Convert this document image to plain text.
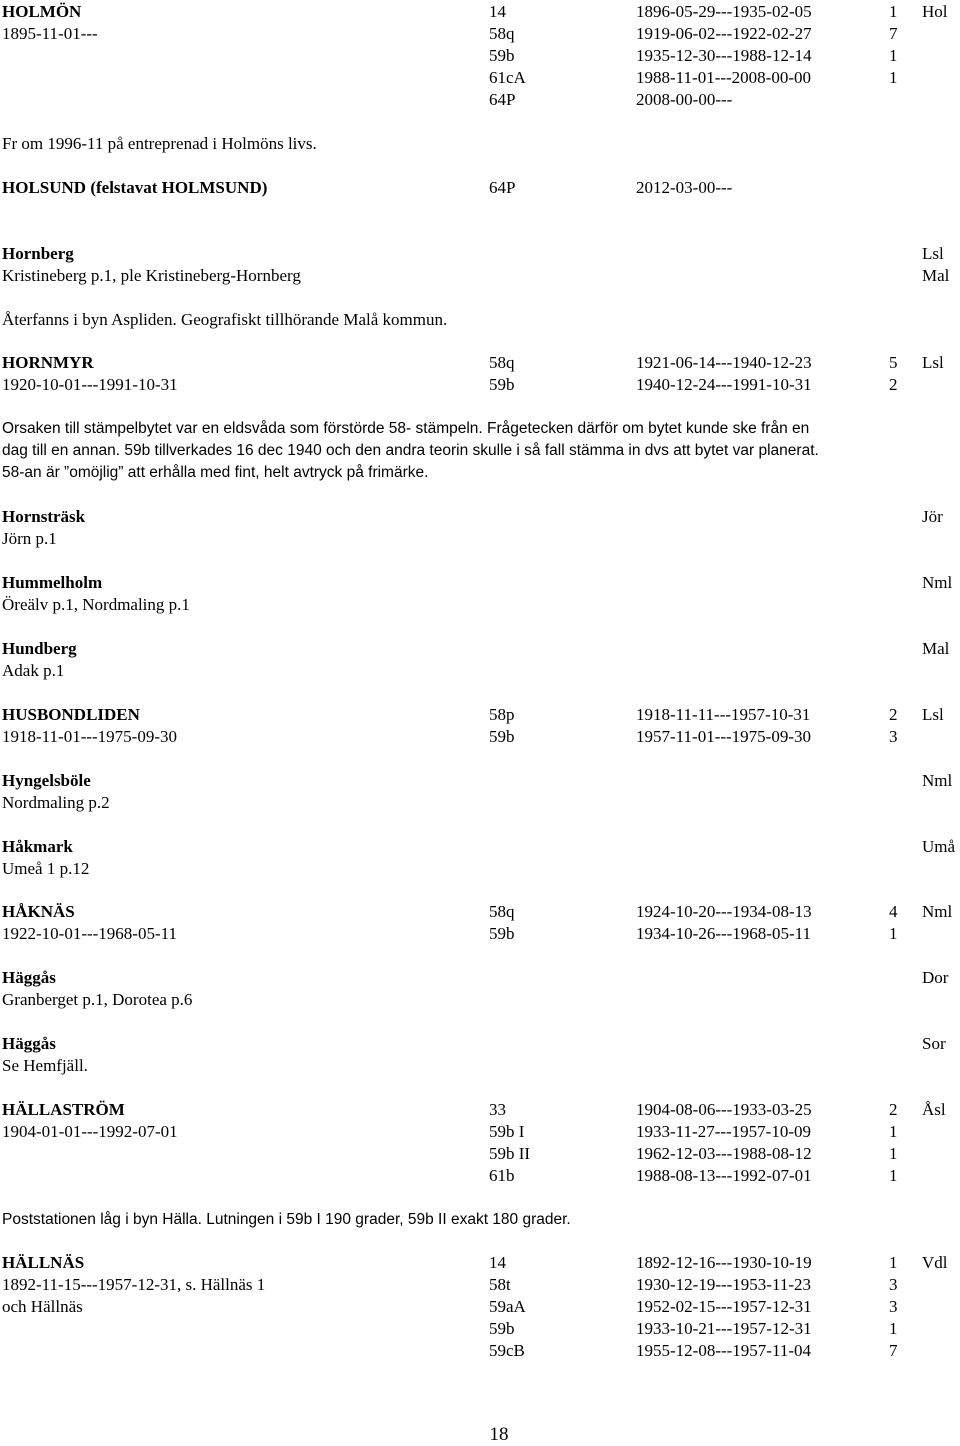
HOLMÖN	14	1896-05-29---1935-02-05	1 Hol
1895-11-01---	58q	1919-06-02---1922-02-27	7
59b	1935-12-30---1988-12-14	1
61cA	1988-11-01---2008-00-00	1
64P	2008-00-00---
Fr om 1996-11 på entreprenad i Holmöns livs.
HOLSUND (felstavat HOLMSUND)	64P	2012-03-00---
Hornberg	Lsl
Kristineberg p.1, ple Kristineberg-Hornberg	Mal
Återfanns i byn Aspliden. Geografiskt tillhörande Malå kommun.
HORNMYR	58q	1921-06-14---1940-12-23	5 Lsl
1920-10-01---1991-10-31	59b	1940-12-24---1991-10-31	2
Orsaken till stämpelbytet var en eldsvåda som förstörde 58- stämpeln. Frågetecken därför om bytet kunde ske från en dag till en annan. 59b tillverkades 16 dec 1940 och den andra teorin skulle i så fall stämma in dvs att bytet var planerat. 58-an är ”omöjlig” att erhålla med fint, helt avtryck på frimärke.
Hornsträsk	Jör
Jörn p.1
Hummelholm	Nml
Öreälv p.1, Nordmaling p.1
Hundberg	Mal
Adak p.1
HUSBONDLIDEN	58p	1918-11-11---1957-10-31	2 Lsl
1918-11-01---1975-09-30	59b	1957-11-01---1975-09-30	3
Hyngelsböle	Nml
Nordmaling p.2
Håkmark	Umå
Umeå 1 p.12
HÅKNÄS	58q	1924-10-20---1934-08-13	4 Nml
1922-10-01---1968-05-11	59b	1934-10-26---1968-05-11	1
Häggås	Dor
Granberget p.1, Dorotea p.6
Häggås	Sor
Se Hemfjäll.
HÄLLASTRÖM	33	1904-08-06---1933-03-25	2 Åsl
1904-01-01---1992-07-01	59b I	1933-11-27---1957-10-09	1
59b II	1962-12-03---1988-08-12	1
61b	1988-08-13---1992-07-01	1
Poststationen låg i byn Hälla. Lutningen i 59b I 190 grader, 59b II exakt 180 grader.
HÄLLNÄS	14	1892-12-16---1930-10-19	1 Vdl
1892-11-15---1957-12-31, s. Hällnäs 1	58t	1930-12-19---1953-11-23	3
och Hällnäs	59aA	1952-02-15---1957-12-31	3
59b	1933-10-21---1957-12-31	1
59cB	1955-12-08---1957-11-04	7
18
